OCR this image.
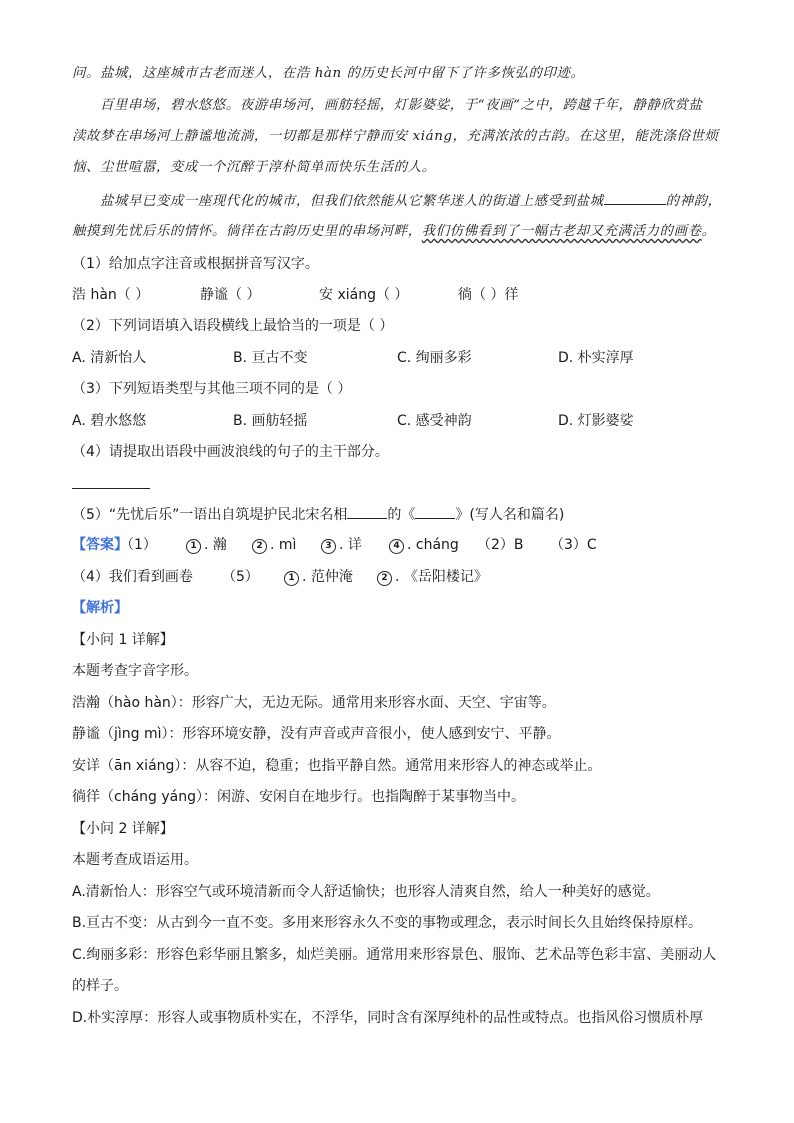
问。盐城，这座城市古老而迷人，在浩 hàn 的历史长河中留下了许多恢弘的印迹。
百里串场，碧水悠悠。夜游串场河，画舫轻摇，灯影婆娑，于“夜画”之中，跨越千年，静静欣赏盐
渎故梦在串场河上静谧地流淌，一切都是那样宁静而安 xiáng，充满浓浓的古韵。在这里，能洗涤俗世烦
恼、尘世喧嚣，变成一个沉醉于淳朴简单而快乐生活的人。
盐城早已变成一座现代化的城市，但我们依然能从它繁华迷人的街道上感受到盐城	的神韵，
触摸到先忧后乐的情怀。徜徉在古韵历史里的串场河畔，我们仿佛看到了一幅古老却又充满活力的画卷。
（1）给加点字注音或根据拼音写汉字。
浩 hàn（ ）	静谧（ ）	安 xiáng（ ）	徜（ ）徉
（2）下列词语填入语段横线上最恰当的一项是（ ）
A. 清新怡人	B. 亘古不变	C. 绚丽多彩	D. 朴实淳厚
（3）下列短语类型与其他三项不同的是（ ）
A. 碧水悠悠	B. 画舫轻摇	C. 感受神韵	D. 灯影婆娑
（4）请提取出语段中画波浪线的句子的主干部分。
（5）“先忧后乐”一语出自筑堤护民北宋名相	的《	》(写人名和篇名)
【答案】
（1）	1 . 瀚	2 . mì	3 . 详	4 . cháng （2）B （3）C
（4）我们看到画卷 （5）	1 . 范仲淹	2 . 《岳阳楼记》
【解析】
【小问 1 详解】
本题考查字音字形。
浩瀚（hào hàn）：形容广大，无边无际。通常用来形容水面、天空、宇宙等。
静谧（jìng mì）：形容环境安静，没有声音或声音很小，使人感到安宁、平静。
安详（ān xiáng）：从容不迫，稳重；也指平静自然。通常用来形容人的神态或举止。
徜徉（cháng yáng）：闲游、安闲自在地步行。也指陶醉于某事物当中。
【小问 2 详解】
本题考查成语运用。
A.清新怡人：形容空气或环境清新而令人舒适愉快；也形容人清爽自然，给人一种美好的感觉。
B.亘古不变：从古到今一直不变。多用来形容永久不变的事物或理念，表示时间长久且始终保持原样。
C.绚丽多彩：形容色彩华丽且繁多，灿烂美丽。通常用来形容景色、服饰、艺术品等色彩丰富、美丽动人
的样子。
D.朴实淳厚：形容人或事物质朴实在，不浮华，同时含有深厚纯朴的品性或特点。也指风俗习惯质朴厚
